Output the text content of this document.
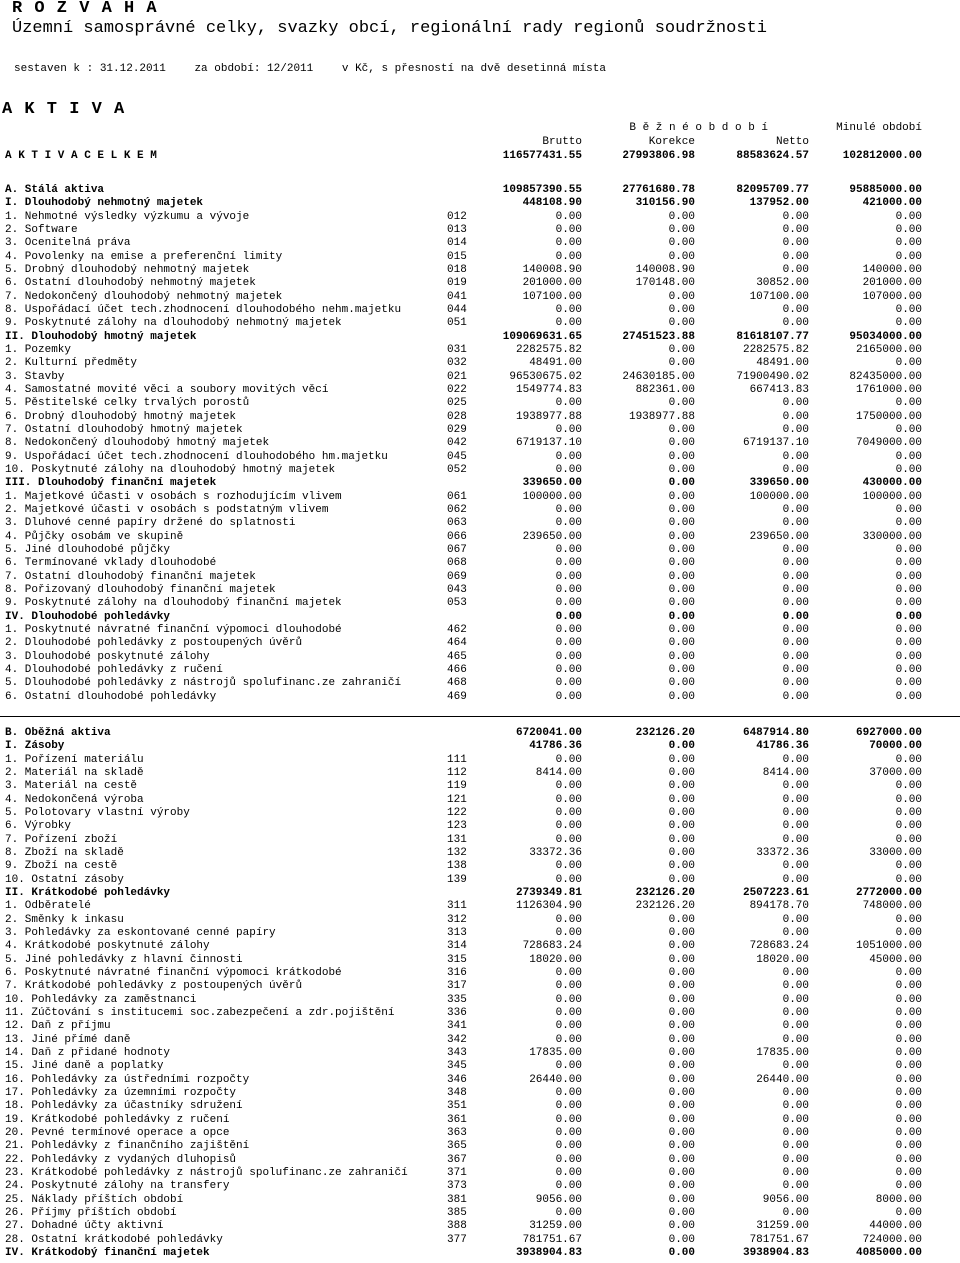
R O Z V A H A
Územní samosprávné celky, svazky obcí, regionální rady regionů soudržnosti
sestaven k : 31.12.2011	za období: 12/2011	v Kč, s přesností na dvě desetinná místa
A K T I V A
B ě ž n é o b d o b í	Minulé období
Brutto	Korekce	Netto
A K T I V A C E L K E M	116577431.55	27993806.98	88583624.57	102812000.00
A. Stálá aktiva	109857390.55	27761680.78	82095709.77	95885000.00
I. Dlouhodobý nehmotný majetek	448108.90	310156.90	137952.00	421000.00
1. Nehmotné výsledky výzkumu a vývoje	012	0.00	0.00	0.00	0.00
2. Software	013	0.00	0.00	0.00	0.00
3. Ocenitelná práva	014	0.00	0.00	0.00	0.00
4. Povolenky na emise a preferenční limity	015	0.00	0.00	0.00	0.00
5. Drobný dlouhodobý nehmotný majetek	018	140008.90	140008.90	0.00	140000.00
6. Ostatní dlouhodobý nehmotný majetek	019	201000.00	170148.00	30852.00	201000.00
7. Nedokončený dlouhodobý nehmotný majetek	041	107100.00	0.00	107100.00	107000.00
8. Uspořádací účet tech.zhodnocení dlouhodobého nehm.majetku	044	0.00	0.00	0.00	0.00
9. Poskytnuté zálohy na dlouhodobý nehmotný majetek	051	0.00	0.00	0.00	0.00
II. Dlouhodobý hmotný majetek	109069631.65	27451523.88	81618107.77	95034000.00
1. Pozemky	031	2282575.82	0.00	2282575.82	2165000.00
2. Kulturní předměty	032	48491.00	0.00	48491.00	0.00
3. Stavby	021	96530675.02	24630185.00	71900490.02	82435000.00
4. Samostatné movité věci a soubory movitých věcí	022	1549774.83	882361.00	667413.83	1761000.00
5. Pěstitelské celky trvalých porostů	025	0.00	0.00	0.00	0.00
6. Drobný dlouhodobý hmotný majetek	028	1938977.88	1938977.88	0.00	1750000.00
7. Ostatní dlouhodobý hmotný majetek	029	0.00	0.00	0.00	0.00
8. Nedokončený dlouhodobý hmotný majetek	042	6719137.10	0.00	6719137.10	7049000.00
9. Uspořádací účet tech.zhodnocení dlouhodobého hm.majetku	045	0.00	0.00	0.00	0.00
10. Poskytnuté zálohy na dlouhodobý hmotný majetek	052	0.00	0.00	0.00	0.00
III. Dlouhodobý finanční majetek	339650.00	0.00	339650.00	430000.00
1. Majetkové účasti v osobách s rozhodujícím vlivem	061	100000.00	0.00	100000.00	100000.00
2. Majetkové účasti v osobách s podstatným vlivem	062	0.00	0.00	0.00	0.00
3. Dluhové cenné papíry držené do splatnosti	063	0.00	0.00	0.00	0.00
4. Půjčky osobám ve skupině	066	239650.00	0.00	239650.00	330000.00
5. Jiné dlouhodobé půjčky	067	0.00	0.00	0.00	0.00
6. Termínované vklady dlouhodobé	068	0.00	0.00	0.00	0.00
7. Ostatní dlouhodobý finanční majetek	069	0.00	0.00	0.00	0.00
8. Pořizovaný dlouhodobý finanční majetek	043	0.00	0.00	0.00	0.00
9. Poskytnuté zálohy na dlouhodobý finanční majetek	053	0.00	0.00	0.00	0.00
IV. Dlouhodobé pohledávky	0.00	0.00	0.00	0.00
1. Poskytnuté návratné finanční výpomoci dlouhodobé	462	0.00	0.00	0.00	0.00
2. Dlouhodobé pohledávky z postoupených úvěrů	464	0.00	0.00	0.00	0.00
3. Dlouhodobé poskytnuté zálohy	465	0.00	0.00	0.00	0.00
4. Dlouhodobé pohledávky z ručení	466	0.00	0.00	0.00	0.00
5. Dlouhodobé pohledávky z nástrojů spolufinanc.ze zahraničí	468	0.00	0.00	0.00	0.00
6. Ostatní dlouhodobé pohledávky	469	0.00	0.00	0.00	0.00
B. Oběžná aktiva	6720041.00	232126.20	6487914.80	6927000.00
I. Zásoby	41786.36	0.00	41786.36	70000.00
1. Pořízení materiálu	111	0.00	0.00	0.00	0.00
2. Materiál na skladě	112	8414.00	0.00	8414.00	37000.00
3. Materiál na cestě	119	0.00	0.00	0.00	0.00
4. Nedokončená výroba	121	0.00	0.00	0.00	0.00
5. Polotovary vlastní výroby	122	0.00	0.00	0.00	0.00
6. Výrobky	123	0.00	0.00	0.00	0.00
7. Pořízení zboží	131	0.00	0.00	0.00	0.00
8. Zboží na skladě	132	33372.36	0.00	33372.36	33000.00
9. Zboží na cestě	138	0.00	0.00	0.00	0.00
10. Ostatní zásoby	139	0.00	0.00	0.00	0.00
II. Krátkodobé pohledávky	2739349.81	232126.20	2507223.61	2772000.00
1. Odběratelé	311	1126304.90	232126.20	894178.70	748000.00
2. Směnky k inkasu	312	0.00	0.00	0.00	0.00
3. Pohledávky za eskontované cenné papíry	313	0.00	0.00	0.00	0.00
4. Krátkodobé poskytnuté zálohy	314	728683.24	0.00	728683.24	1051000.00
5. Jiné pohledávky z hlavní činnosti	315	18020.00	0.00	18020.00	45000.00
6. Poskytnuté návratné finanční výpomoci krátkodobé	316	0.00	0.00	0.00	0.00
7. Krátkodobé pohledávky z postoupených úvěrů	317	0.00	0.00	0.00	0.00
10. Pohledávky za zaměstnanci	335	0.00	0.00	0.00	0.00
11. Zúčtování s institucemi soc.zabezpečení a zdr.pojištění	336	0.00	0.00	0.00	0.00
12. Daň z příjmu	341	0.00	0.00	0.00	0.00
13. Jiné přímé daně	342	0.00	0.00	0.00	0.00
14. Daň z přidané hodnoty	343	17835.00	0.00	17835.00	0.00
15. Jiné daně a poplatky	345	0.00	0.00	0.00	0.00
16. Pohledávky za ústředními rozpočty	346	26440.00	0.00	26440.00	0.00
17. Pohledávky za územními rozpočty	348	0.00	0.00	0.00	0.00
18. Pohledávky za účastníky sdružení	351	0.00	0.00	0.00	0.00
19. Krátkodobé pohledávky z ručení	361	0.00	0.00	0.00	0.00
20. Pevné termínové operace a opce	363	0.00	0.00	0.00	0.00
21. Pohledávky z finančního zajištění	365	0.00	0.00	0.00	0.00
22. Pohledávky z vydaných dluhopisů	367	0.00	0.00	0.00	0.00
23. Krátkodobé pohledávky z nástrojů spolufinanc.ze zahraničí	371	0.00	0.00	0.00	0.00
24. Poskytnuté zálohy na transfery	373	0.00	0.00	0.00	0.00
25. Náklady příštích období	381	9056.00	0.00	9056.00	8000.00
26. Příjmy příštích období	385	0.00	0.00	0.00	0.00
27. Dohadné účty aktivní	388	31259.00	0.00	31259.00	44000.00
28. Ostatní krátkodobé pohledávky	377	781751.67	0.00	781751.67	724000.00
IV. Krátkodobý finanční majetek	3938904.83	0.00	3938904.83	4085000.00
